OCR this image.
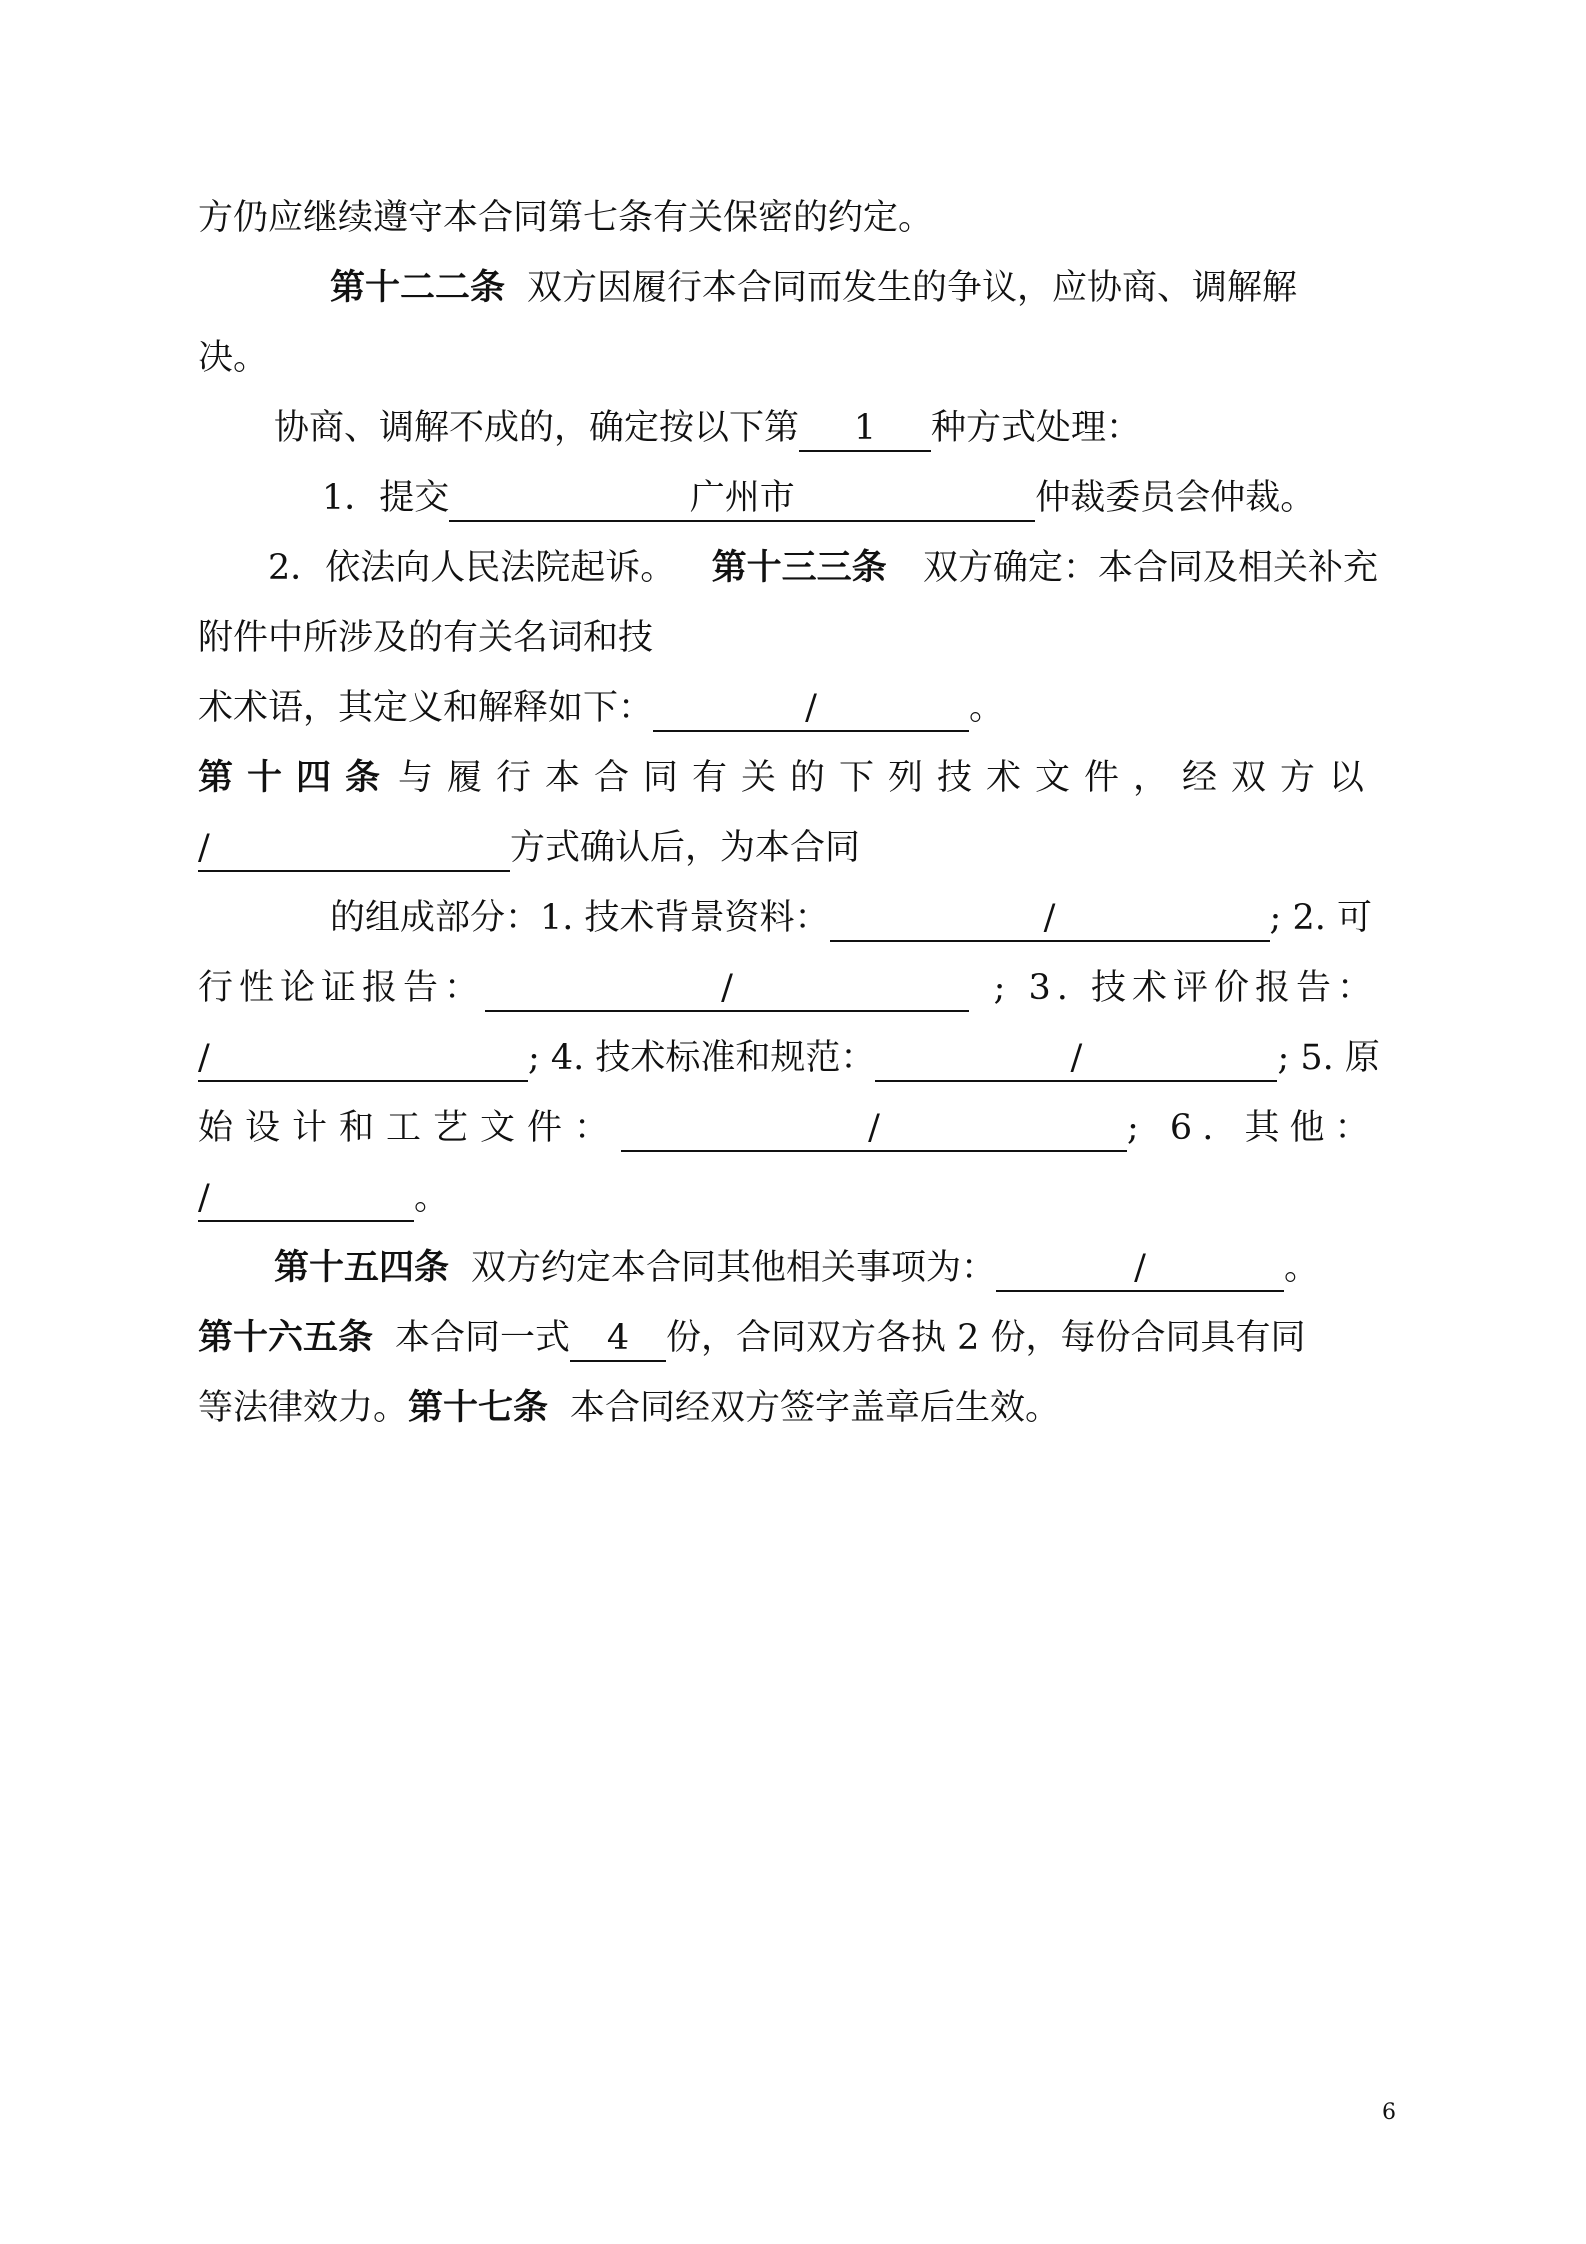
方仍应继续遵守本合同第七条有关保密的约定。
第十二二条 双方因履行本合同而发生的争议，应协商、调解解
决。
协商、调解不成的，确定按以下第 1 种方式处理：
1．提交	广州市	仲裁委员会仲裁。
2．依法向人民法院起诉。 第十三三条 双方确定：本合同及相关补充
附件中所涉及的有关名词和技
术术语，其定义和解释如下：	/	。
第十四条 与履行本合同有关的下列技术文件，经双方以
/	方式确认后，为本合同
的组成部分：1. 技术背景资料：	/	; 2. 可
行性论证报告：	/	; 3. 技术评价报告：
/	; 4. 技术标准和规范：	/	; 5. 原
始设计和工艺文件：	/	; 6. 其他：
/	。
第十五四条 双方约定本合同其他相关事项为：	/	。
第十六五条 本合同一式 4 份，合同双方各执 2 份，每份合同具有同
等法律效力。第十七条 本合同经双方签字盖章后生效。
6
